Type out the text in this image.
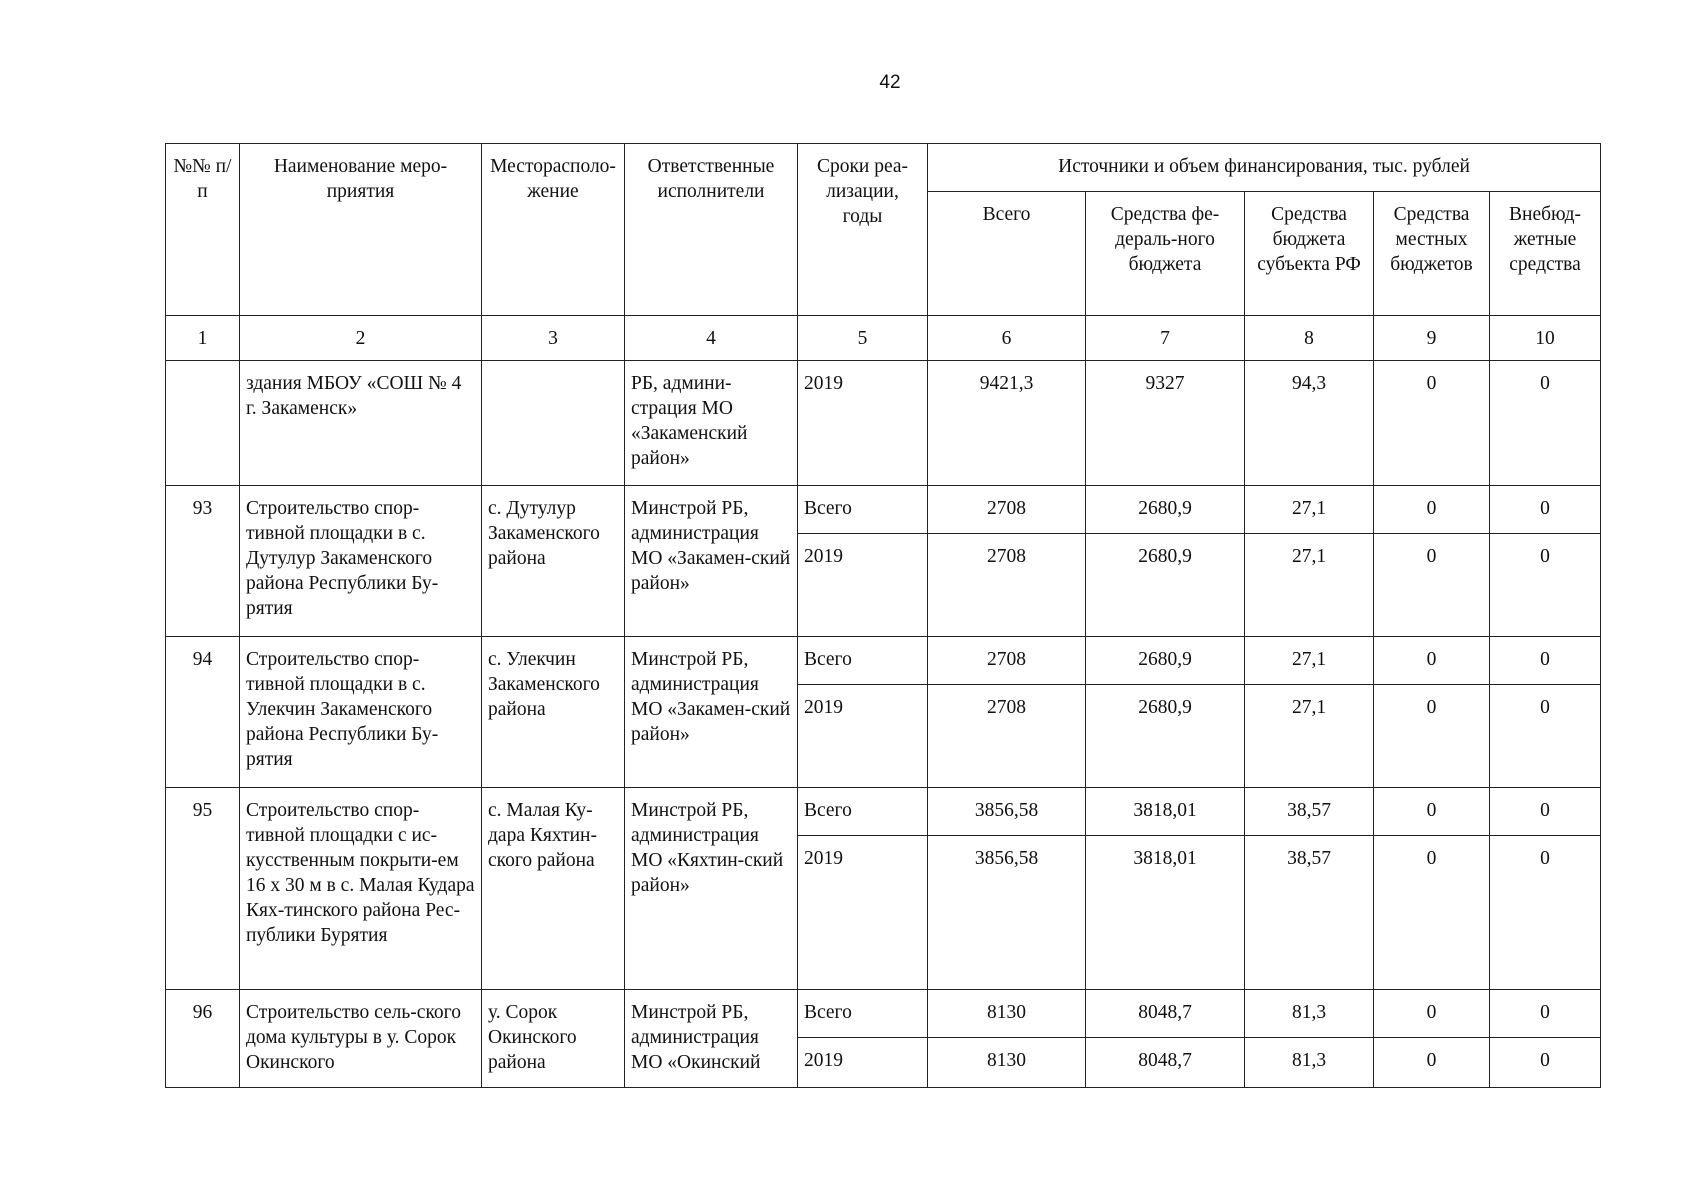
42
№№ п/п	Наименование меро-приятия	Месторасполо-жение	Ответственные исполнители	Сроки реа-лизации, годы	Источники и объем финансирования, тыс. рублей				
					Всего	Средства фе-дераль-ного бюджета	Средства бюджета субъекта РФ	Средства местных бюджетов	Внебюд-жетные средства
1	2	3	4	5	6	7	8	9	10
	здания МБОУ «СОШ № 4 г. Закаменск»		РБ, админи-страция МО «Закаменский район»	2019	9421,3	9327	94,3	0	0
93	Строительство спор-тивной площадки в с. Дутулур Закаменского района Республики Бу-рятия	с. Дутулур Закаменского района	Минстрой РБ, администрация МО «Закамен-ский район»	Всего	2708	2680,9	27,1	0	0
				2019	2708	2680,9	27,1	0	0
94	Строительство спор-тивной площадки в с. Улекчин Закаменского района Республики Бу-рятия	с. Улекчин Закаменского района	Минстрой РБ, администрация МО «Закамен-ский район»	Всего	2708	2680,9	27,1	0	0
				2019	2708	2680,9	27,1	0	0
95	Строительство спор-тивной площадки с ис-кусственным покрыти-ем 16 х 30 м в с. Малая Кудара Кях-тинского района Рес-публики Бурятия	с. Малая Ку-дара Кяхтин-ского района	Минстрой РБ, администрация МО «Кяхтин-ский район»	Всего	3856,58	3818,01	38,57	0	0
				2019	3856,58	3818,01	38,57	0	0
96	Строительство сель-ского дома культуры в у. Сорок Окинского	у. Сорок Окинского района	Минстрой РБ, администрация МО «Окинский	Всего	8130	8048,7	81,3	0	0
				2019	8130	8048,7	81,3	0	0
